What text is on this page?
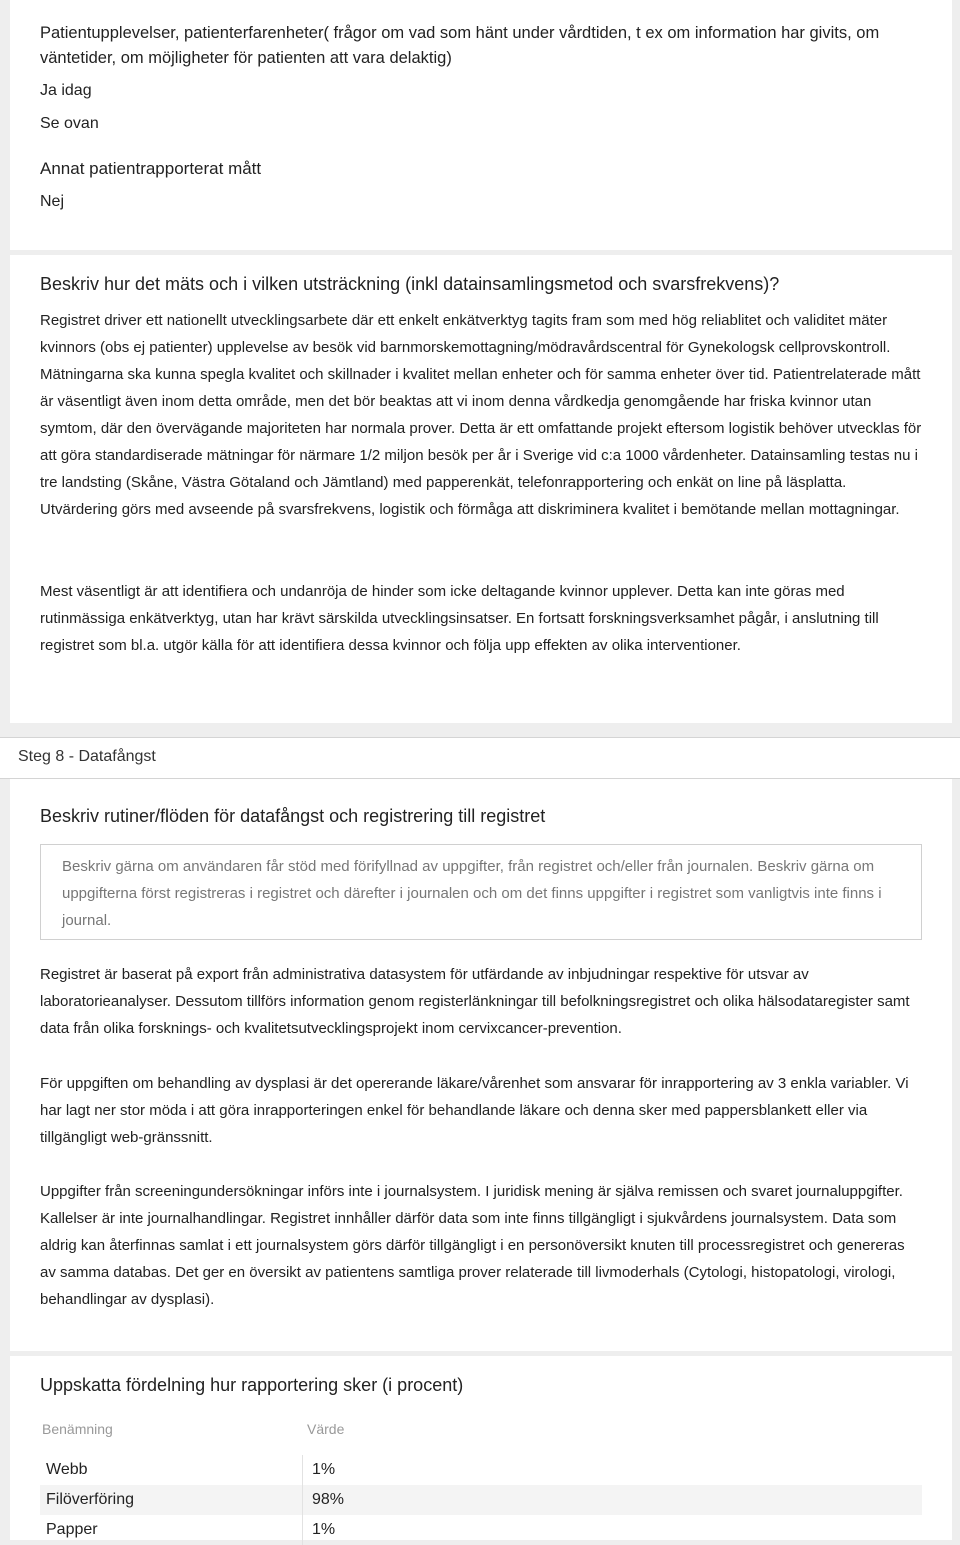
Patientupplevelser, patienterfarenheter( frågor om vad som hänt under vårdtiden, t ex om information har givits, om väntetider, om möjligheter för patienten att vara delaktig)

Ja idag

Se ovan

Annat patientrapporterat mått

Nej

Beskriv hur det mäts och i vilken utsträckning (inkl datainsamlingsmetod och svarsfrekvens)?

Registret driver ett nationellt utvecklingsarbete där ett enkelt enkätverktyg tagits fram som med hög reliablitet och validitet mäter kvinnors (obs ej patienter) upplevelse av besök vid barnmorskemottagning/mödravårdscentral för Gynekologsk cellprovskontroll. Mätningarna ska kunna spegla kvalitet och skillnader i kvalitet mellan enheter och för samma enheter över tid. Patientrelaterade mått är väsentligt även inom detta område, men det bör beaktas att vi inom denna vårdkedja genomgående har friska kvinnor utan symtom, där den övervägande majoriteten har normala prover. Detta är ett omfattande projekt eftersom logistik behöver utvecklas för att göra standardiserade mätningar för närmare 1/2 miljon besök per år i Sverige vid c:a 1000 vårdenheter. Datainsamling testas nu i tre landsting (Skåne, Västra Götaland och Jämtland) med papperenkät, telefonrapportering och enkät on line på läsplatta. Utvärdering görs med avseende på svarsfrekvens, logistik och förmåga att diskriminera kvalitet i bemötande mellan mottagningar.

Mest väsentligt är att identifiera och undanröja de hinder som icke deltagande kvinnor upplever. Detta kan inte göras med rutinmässiga enkätverktyg, utan har krävt särskilda utvecklingsinsatser. En fortsatt forskningsverksamhet pågår, i anslutning till registret som bl.a. utgör källa för att identifiera dessa kvinnor och följa upp effekten av olika interventioner.

Steg 8 - Datafångst

Beskriv rutiner/flöden för datafångst och registrering till registret

Beskriv gärna om användaren får stöd med förifyllnad av uppgifter, från registret och/eller från journalen. Beskriv gärna om uppgifterna först registreras i registret och därefter i journalen och om det finns uppgifter i registret som vanligtvis inte finns i journal.

Registret är baserat på export från administrativa datasystem för utfärdande av inbjudningar respektive för utsvar av laboratorieanalyser. Dessutom tillförs information genom registerlänkningar till befolkningsregistret och olika hälsodataregister samt data från olika forsknings- och kvalitetsutvecklingsprojekt inom cervixcancer-prevention.

För uppgiften om behandling av dysplasi är det opererande läkare/vårenhet som ansvarar för inrapportering av 3 enkla variabler. Vi har lagt ner stor möda i att göra inrapporteringen enkel för behandlande läkare och denna sker med pappersblankett eller via tillgängligt web-gränssnitt.

Uppgifter från screeningundersökningar införs inte i journalsystem. I juridisk mening är själva remissen och svaret journaluppgifter. Kallelser är inte journalhandlingar. Registret innhåller därför data som inte finns tillgängligt i sjukvårdens journalsystem. Data som aldrig kan återfinnas samlat i ett journalsystem görs därför tillgängligt i en personöversikt knuten till processregistret och genereras av samma databas. Det ger en översikt av patientens samtliga prover relaterade till livmoderhals (Cytologi, histopatologi, virologi, behandlingar av dysplasi).

Uppskatta fördelning hur rapportering sker (i procent)

Benämning	Värde
Webb	1%
Filöverföring	98%
Papper	1%
